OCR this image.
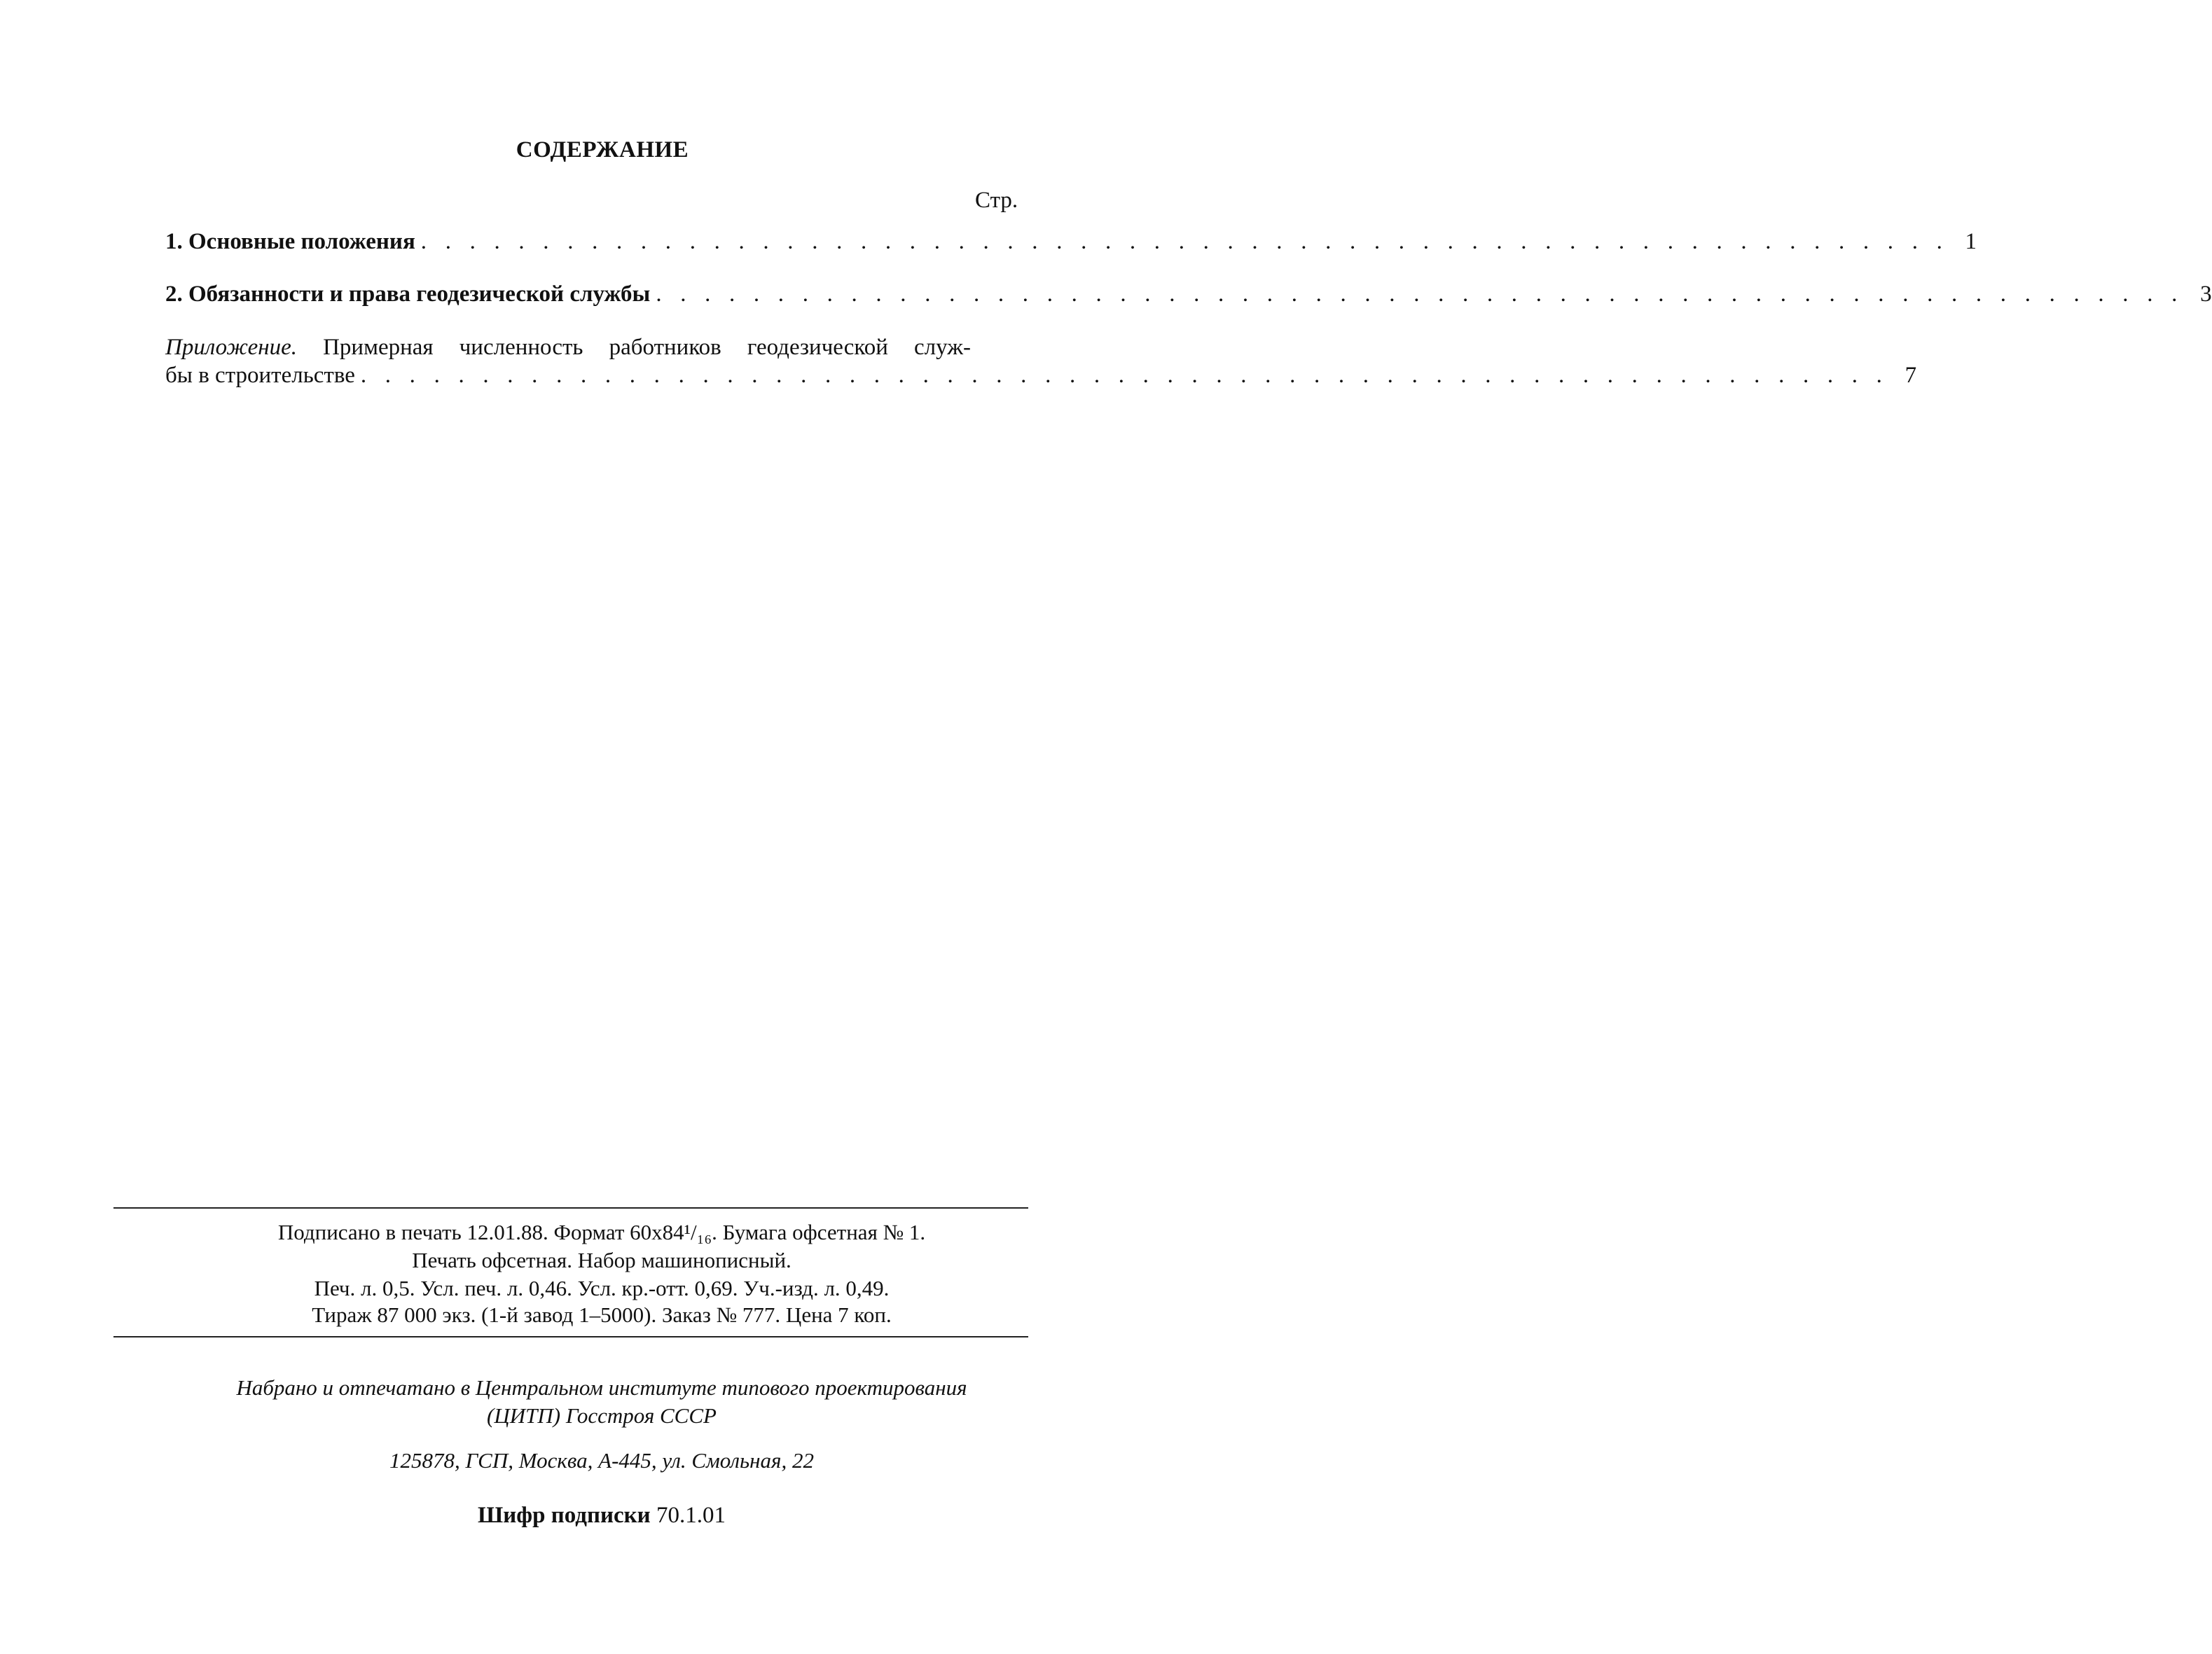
СОДЕРЖАНИЕ
Стр.
1. Основные положения . . . . . . . . . . . . . . . . . . . . . . . . . . . . . . . . . . . . . . . . . . . . . . . . . . . . . . . . . . . . . . . 1
2. Обязанности и права геодезической службы . . . . . . . . . . . . . . . . . . . . . . . . . . . . . . . . . . . . . . . . . . . . . . . . . . . . . . . . . . . . . . . 3
Приложение. Примерная численность работников геодезической служ-
бы в строительстве . . . . . . . . . . . . . . . . . . . . . . . . . . . . . . . . . . . . . . . . . . . . . . . . . . . . . . . . . . . . . . . 7
Подписано в печать 12.01.88. Формат 60х84¹/₁₆. Бумага офсетная № 1.
Печать офсетная. Набор машинописный.
Печ. л. 0,5. Усл. печ. л. 0,46. Усл. кр.-отт. 0,69. Уч.-изд. л. 0,49.
Тираж 87 000 экз. (1-й завод 1–5000). Заказ № 777. Цена 7 коп.
Набрано и отпечатано в Центральном институте типового проектирования
(ЦИТП) Госстроя СССР
125878, ГСП, Москва, А-445, ул. Смольная, 22
Шифр подписки 70.1.01
